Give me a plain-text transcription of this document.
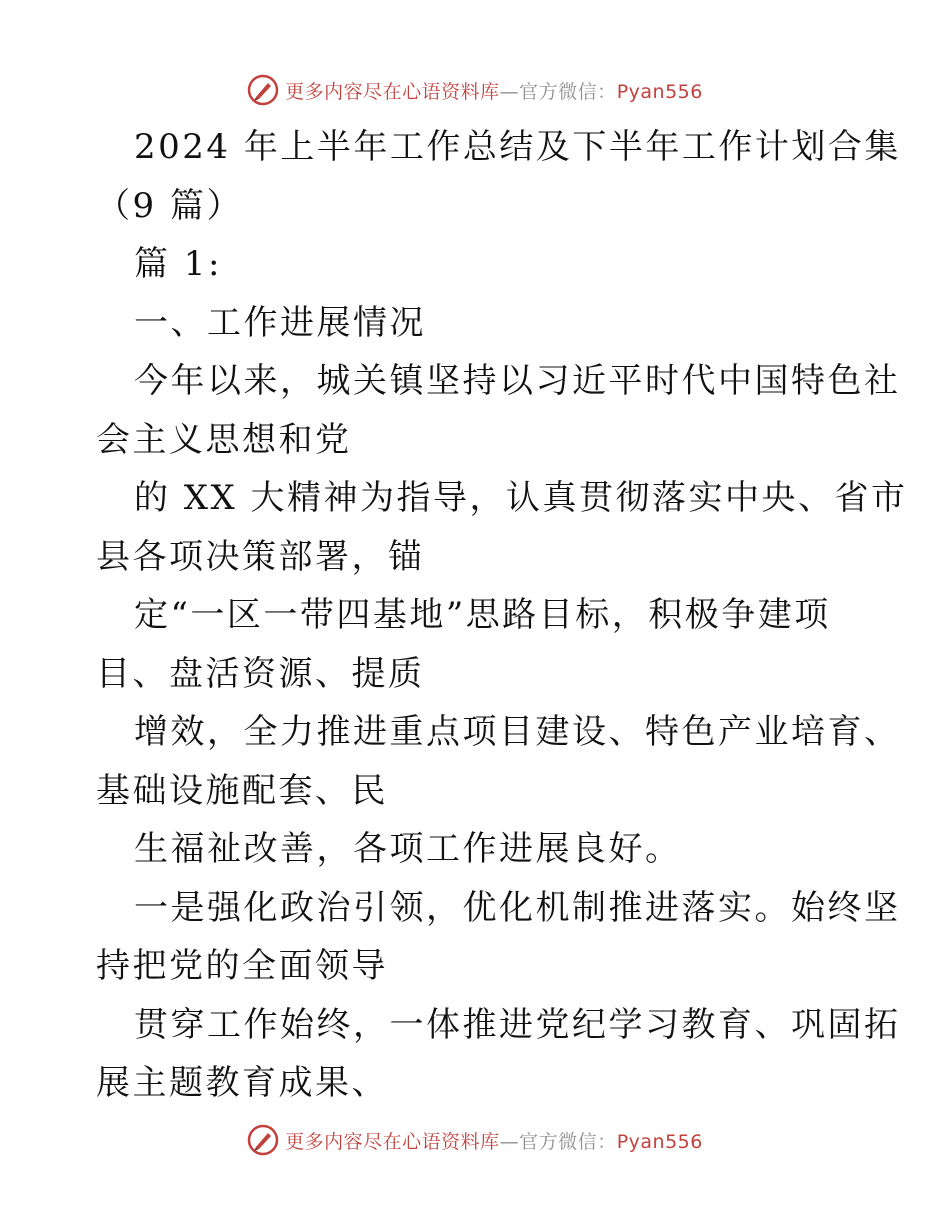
更多内容尽在心语资料库—官方微信：Pyan556
2024 年上半年工作总结及下半年工作计划合集
（9 篇）
篇 1:
一、工作进展情况
今年以来，城关镇坚持以习近平时代中国特色社
会主义思想和党
的 XX 大精神为指导，认真贯彻落实中央、省市
县各项决策部署，锚
定“一区一带四基地”思路目标，积极争建项
目、盘活资源、提质
增效，全力推进重点项目建设、特色产业培育、
基础设施配套、民
生福祉改善，各项工作进展良好。
一是强化政治引领，优化机制推进落实。始终坚
持把党的全面领导
贯穿工作始终，一体推进党纪学习教育、巩固拓
展主题教育成果、
更多内容尽在心语资料库—官方微信：Pyan556
